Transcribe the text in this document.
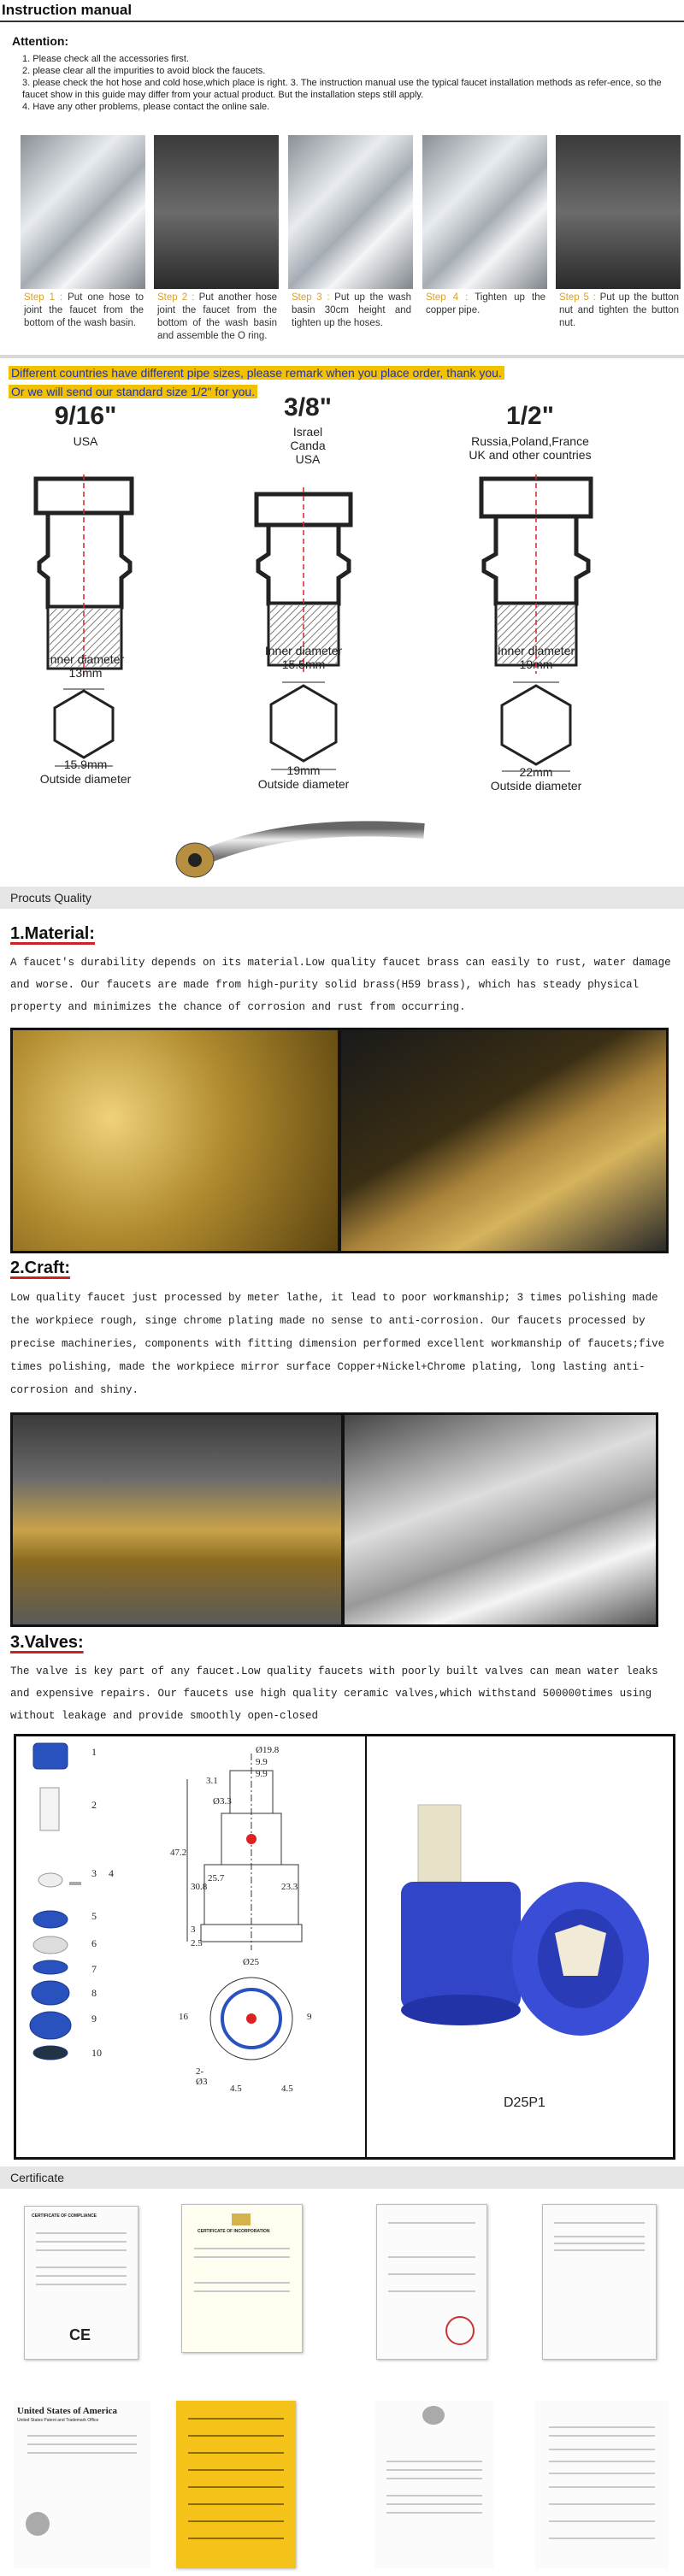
Instruction manual
Attention:
1. Please check all the accessories first.
2. please clear all the impurities to avoid block the faucets.
3. please check the hot hose and cold hose,which place is right. 3. The instruction manual use the typical faucet installation methods as refer-ence, so the faucet show in this guide may differ from your actual product. But the installation steps still apply.
4. Have any other problems, please contact the online sale.
Step 1 : Put one hose to joint the faucet from the bottom of the wash basin.
Step 2 : Put another hose joint the faucet from the bottom of the wash basin and assemble the O ring.
Step 3 : Put up the wash basin 30cm height and tighten up the hoses.
Step 4 : Tighten up the copper pipe.
Step 5 : Put up the button nut and tighten the button nut.
Different countries have different pipe sizes, please remark when you place order, thank you.
Or we will send our standard size 1/2" for you.
9/16"
USA
3/8"
Israel
Canda
USA
1/2"
Russia,Poland,France
UK and other countries
Inner diameter
13mm
15.9mm
Outside diameter
Inner diameter
15.5mm
19mm
Outside diameter
Inner diameter
19mm
22mm
Outside diameter
Procuts Quality
1.Material:
A faucet's durability depends on its material.Low quality faucet brass can easily to rust, water damage and worse. Our faucets are made from high-purity solid brass(H59 brass), which has steady physical property and minimizes the chance of corrosion and rust from occurring.
2.Craft:
Low quality faucet just processed by meter lathe, it lead to poor workmanship; 3 times polishing made the workpiece rough, singe chrome plating made no sense to anti-corrosion. Our faucets processed by precise machineries, components with fitting dimension performed excellent workmanship of faucets;five times polishing, made the workpiece mirror surface Copper+Nickel+Chrome plating, long lasting anti-corrosion and shiny.
3.Valves:
The valve is key part of any faucet.Low quality faucets with poorly built valves can mean water leaks and expensive repairs. Our faucets use high quality ceramic valves,which withstand 500000times using without leakage and provide smoothly open-closed
1
2
3 4
5
6
7
8
9
10
Ø19.8
9.9
9.9
3.1
Ø3.3
47.2
30.8
25.7
23.3
3
2.5
Ø25
16	9
2-Ø3
4.5	4.5
D25P1
Certificate
CERTIFICATE OF COMPLIANCE
CE
CERTIFICATE OF INCORPORATION
United States of America
United States Patent and Trademark Office
